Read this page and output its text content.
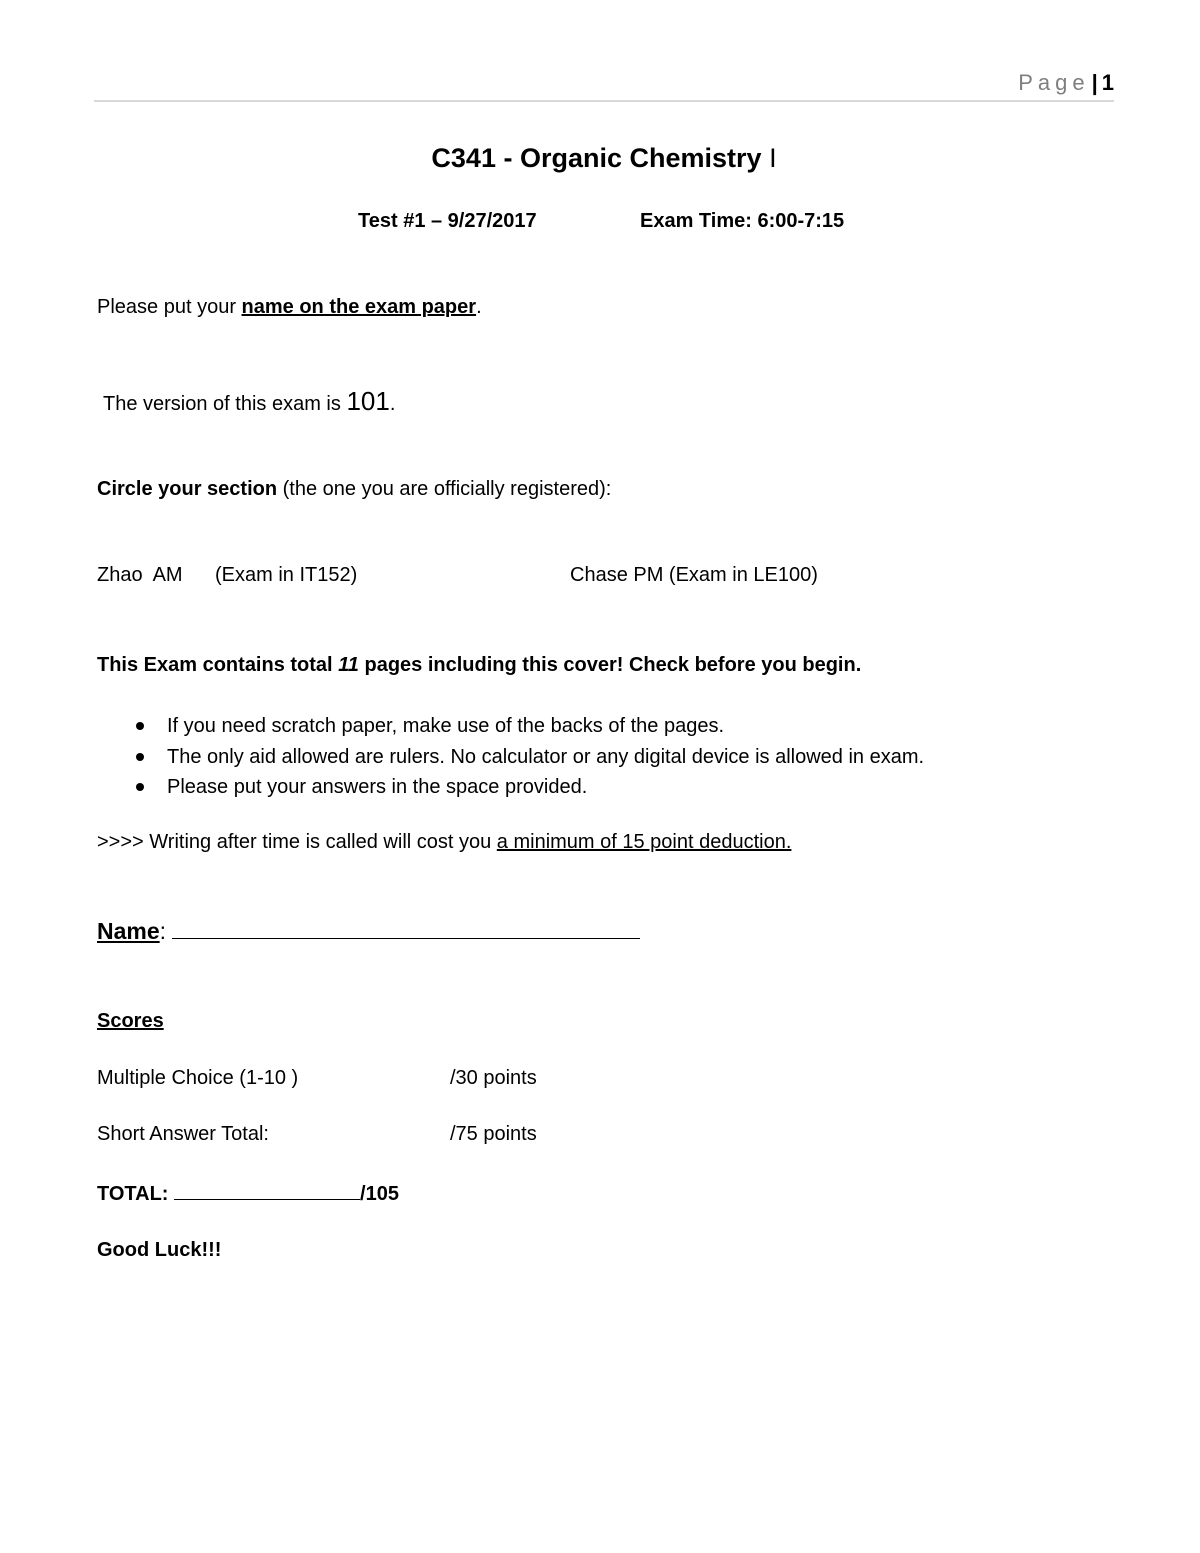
Page| 1
C341 - Organic Chemistry I
Test #1 – 9/27/2017	Exam Time: 6:00-7:15
Please put your name on the exam paper.
The version of this exam is 101.
Circle your section (the one you are officially registered):
Zhao  AM (Exam in IT152)	Chase PM (Exam in LE100)
This Exam contains total 11 pages including this cover! Check before you begin.
If you need scratch paper, make use of the backs of the pages.
The only aid allowed are rulers. No calculator or any digital device is allowed in exam.
Please put your answers in the space provided.
>>>> Writing after time is called will cost you a minimum of 15 point deduction.
Name:
Scores
Multiple Choice (1-10 )	/30 points
Short Answer Total:	/75 points
TOTAL:	/105
Good Luck!!!
